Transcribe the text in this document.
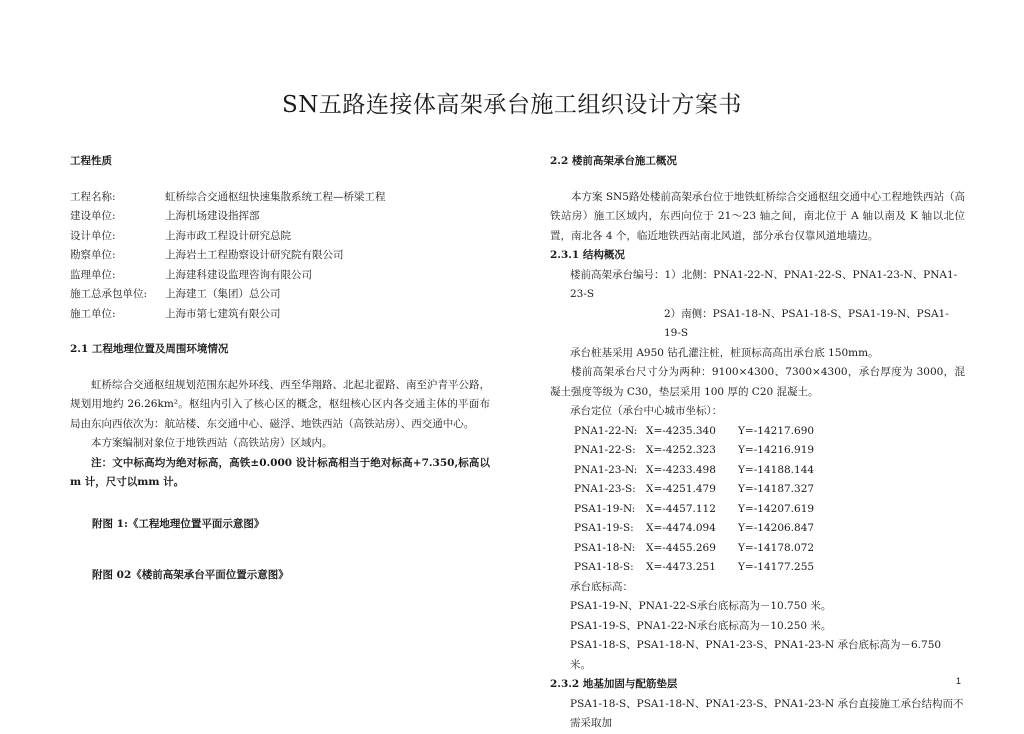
SN五路连接体高架承台施工组织设计方案书
工程性质
工程名称:	虹桥综合交通枢纽快速集散系统工程—桥梁工程
建设单位:	上海机场建设指挥部
设计单位:	上海市政工程设计研究总院
勘察单位:	上海岩土工程勘察设计研究院有限公司
监理单位:	上海建科建设监理咨询有限公司
施工总承包单位:	上海建工（集团）总公司
施工单位:	上海市第七建筑有限公司
2.1 工程地理位置及周围环境情况
虹桥综合交通枢纽规划范围东起外环线、西至华翔路、北起北翟路、南至沪青平公路，规划用地约 26.26km²。枢纽内引入了核心区的概念，枢纽核心区内各交通主体的平面布局由东向西依次为：航站楼、东交通中心、磁浮、地铁西站（高铁站房）、西交通中心。
本方案编制对象位于地铁西站（高铁站房）区域内。
注：文中标高均为绝对标高，高铁±0.000 设计标高相当于绝对标高+7.350,标高以 m 计，尺寸以mm 计。
附图 1:《工程地理位置平面示意图》
附图 02《楼前高架承台平面位置示意图》
2.2 楼前高架承台施工概况
本方案 SN5路处楼前高架承台位于地铁虹桥综合交通枢纽交通中心工程地铁西站（高铁站房）施工区域内，东西向位于 21～23 轴之间，南北位于 A 轴以南及 K 轴以北位置，南北各 4 个，临近地铁西站南北风道，部分承台仅靠风道地墙边。
2.3.1 结构概况
楼前高架承台编号：1）北侧：PNA1-22-N、PNA1-22-S、PNA1-23-N、PNA1-23-S
2）南侧：PSA1-18-N、PSA1-18-S、PSA1-19-N、PSA1-19-S
承台桩基采用 A950 钻孔灌注桩，桩顶标高高出承台底 150mm。
楼前高架承台尺寸分为两种：9100×4300、7300×4300，承台厚度为 3000，混凝土强度等级为 C30，垫层采用 100 厚的 C20 混凝土。
承台定位（承台中心城市坐标）：
PNA1-22-N: X=-4235.340	Y=-14217.690
PNA1-22-S: X=-4252.323	Y=-14216.919
PNA1-23-N: X=-4233.498	Y=-14188.144
PNA1-23-S: X=-4251.479	Y=-14187.327
PSA1-19-N:	X=-4457.112	Y=-14207.619
PSA1-19-S:	X=-4474.094	Y=-14206.847
PSA1-18-N:	X=-4455.269	Y=-14178.072
PSA1-18-S:	X=-4473.251	Y=-14177.255
承台底标高：
PSA1-19-N、PNA1-22-S承台底标高为－10.750 米。
PSA1-19-S、PNA1-22-N承台底标高为－10.250 米。
PSA1-18-S、PSA1-18-N、PNA1-23-S、PNA1-23-N 承台底标高为－6.750 米。
2.3.2 地基加固与配筋垫层
PSA1-18-S、PSA1-18-N、PNA1-23-S、PNA1-23-N 承台直接施工承台结构而不需采取加
1
